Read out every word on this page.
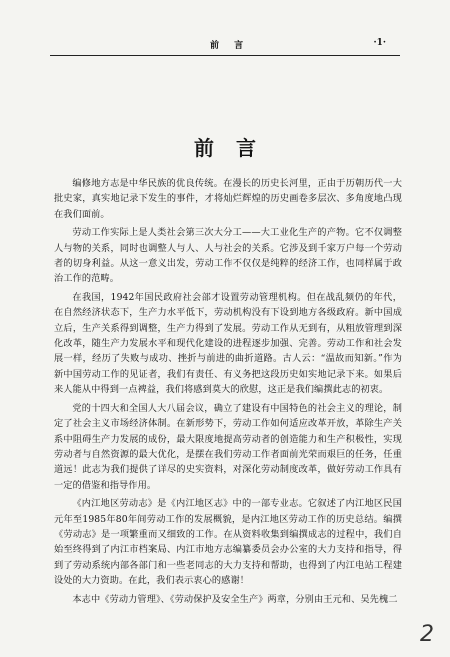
前 言	·1·
前言

编修地方志是中华民族的优良传统。在漫长的历史长河里，正由于历朝历代一大批史家，真实地记录下发生的事件，才将灿烂辉煌的历史画卷多层次、多角度地凸现在我们面前。

劳动工作实际上是人类社会第三次大分工——大工业化生产的产物。它不仅调整人与物的关系，同时也调整人与人、人与社会的关系。它涉及到千家万户每一个劳动者的切身利益。从这一意义出发，劳动工作不仅仅是纯粹的经济工作，也同样属于政治工作的范畴。

在我国，1942年国民政府社会部才设置劳动管理机构。但在战乱频仍的年代，在自然经济状态下，生产力水平低下，劳动机构没有下设到地方各级政府。新中国成立后，生产关系得到调整，生产力得到了发展。劳动工作从无到有，从粗放管理到深化改革，随生产力发展水平和现代化建设的进程逐步加强、完善。劳动工作和社会发展一样，经历了失败与成功、挫折与前进的曲折道路。古人云：“温故而知新。”作为新中国劳动工作的见证者，我们有责任、有义务把这段历史如实地记录下来。如果后来人能从中得到一点裨益，我们将感到莫大的欣慰，这正是我们编撰此志的初衷。

党的十四大和全国人大八届会议，确立了建设有中国特色的社会主义的理论，制定了社会主义市场经济体制。在新形势下，劳动工作如何适应改革开放，革除生产关系中阻碍生产力发展的成份，最大限度地提高劳动者的创造能力和生产积极性，实现劳动者与自然资源的最大优化，是摆在我们劳动工作者面前光荣而艰巨的任务，任重道远！此志为我们提供了详尽的史实资料，对深化劳动制度改革，做好劳动工作具有一定的借鉴和指导作用。

《内江地区劳动志》是《内江地区志》中的一部专业志。它叙述了内江地区民国元年至1985年80年间劳动工作的发展概貌，是内江地区劳动工作的历史总结。编撰《劳动志》是一项繁重而又细致的工作。在从资料收集到编撰成志的过程中，我们自始至终得到了内江市档案局、内江市地方志编纂委员会办公室的大力支持和指导，得到了劳动系统内部各部门和一些老同志的大力支持和帮助，也得到了内江电站工程建设处的大力资助。在此，我们表示衷心的感谢！

本志中《劳动力管理》、《劳动保护及安全生产》两章，分别由王元和、吴先槐二

2
